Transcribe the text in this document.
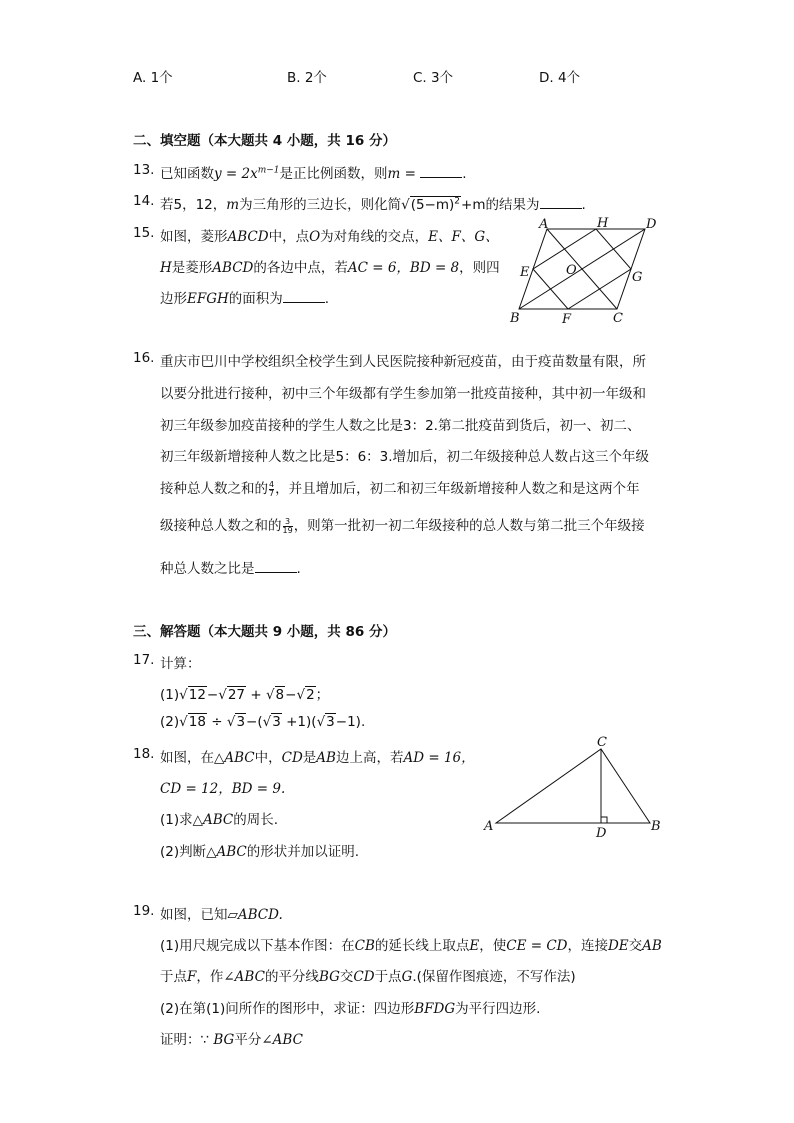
A. 1个	B. 2个	C. 3个	D. 4个
二、填空题（本大题共 4 小题，共 16 分）
13. 已知函数$y = 2x^{m-1}$是正比例函数，则m =	.
14. 若5，12，m为三角形的三边长，则化简$√(5-m)^2+m$的结果为	.
15. 如图，菱形ABCD中，点O为对角线的交点，E、F、G、
H是菱形ABCD的各边中点，若AC = 6，BD = 8，则四
边形EFGH的面积为	.
A	H	D
E	O	G
B	F	C
16. 重庆市巴川中学校组织全校学生到人民医院接种新冠疫苗，由于疫苗数量有限，所
以要分批进行接种，初中三个年级都有学生参加第一批疫苗接种，其中初一年级和
初三年级参加疫苗接种的学生人数之比是3：2.第二批疫苗到货后，初一、初二、
初三年级新增接种人数之比是5：6：3.增加后，初二年级接种总人数占这三个年级
接种总人数之和的 $\frac{4}{7}$ ，并且增加后，初二和初三年级新增接种人数之和是这两个年
级接种总人数之和的 $\frac{3}{19}$ ，则第一批初一初二年级接种的总人数与第二批三个年级接
种总人数之比是	.
三、解答题（本大题共 9 小题，共 86 分）
17. 计算：
(1)√12−√27 + √8−√2；
(2)√18 ÷ √3−(√3 +1)(√3−1).
18. 如图，在△ABC中，CD是AB边上高，若AD = 16，
CD = 12，BD = 9.
(1)求△ABC的周长.
(2)判断△ABC的形状并加以证明.
A	B
C
D
19. 如图，已知▱ABCD.
(1)用尺规完成以下基本作图：在CB的延长线上取点E，使CE = CD，连接DE交AB
于点F，作∠ABC的平分线BG交CD于点G.(保留作图痕迹，不写作法)
(2)在第(1)问所作的图形中，求证：四边形BFDG为平行四边形.
证明：∵ BG平分∠ABC
